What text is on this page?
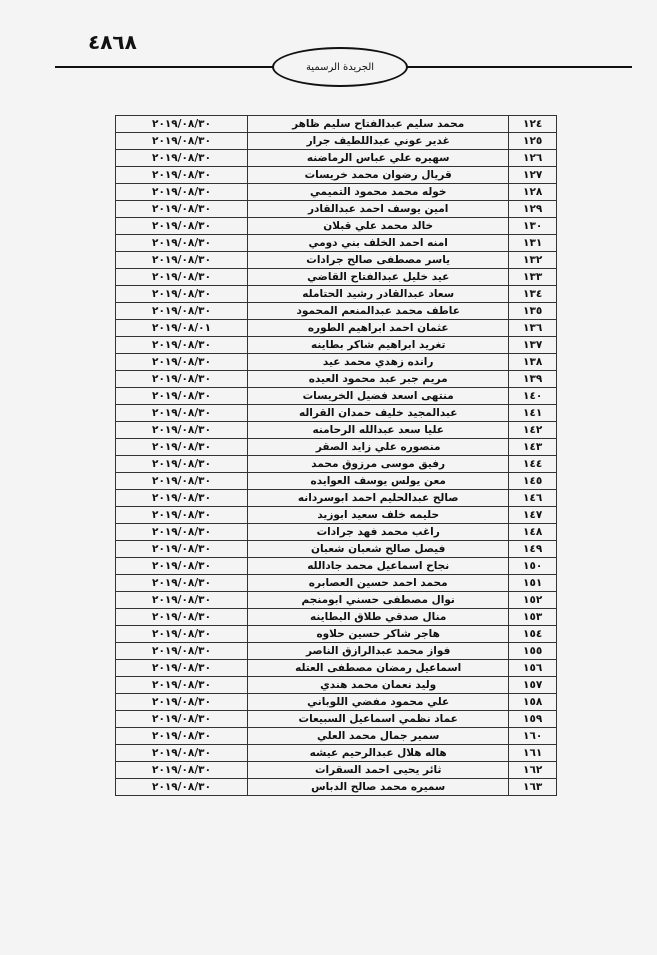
٤٨٦٨
الجريدة الرسمية
١٢٤	محمد سليم عبدالفتاح سليم ظاهر	٢٠١٩/٠٨/٣٠
١٢٥	غدير عوني عبداللطيف جرار	٢٠١٩/٠٨/٣٠
١٢٦	سهيره علي عباس الرماضنه	٢٠١٩/٠٨/٣٠
١٢٧	قريال رضوان محمد خريسات	٢٠١٩/٠٨/٣٠
١٢٨	خوله محمد محمود التميمي	٢٠١٩/٠٨/٣٠
١٢٩	امين يوسف احمد عبدالقادر	٢٠١٩/٠٨/٣٠
١٣٠	خالد محمد علي قبلان	٢٠١٩/٠٨/٣٠
١٣١	امنه احمد الخلف بني دومي	٢٠١٩/٠٨/٣٠
١٣٢	ياسر مصطفى صالح جرادات	٢٠١٩/٠٨/٣٠
١٣٣	عيد خليل عبدالفتاح القاضي	٢٠١٩/٠٨/٣٠
١٣٤	سعاد عبدالقادر رشيد الحتامله	٢٠١٩/٠٨/٣٠
١٣٥	عاطف محمد عبدالمنعم المحمود	٢٠١٩/٠٨/٣٠
١٣٦	عثمان احمد ابراهيم الطوره	٢٠١٩/٠٨/٠١
١٣٧	تغريد ابراهيم شاكر بطاينه	٢٠١٩/٠٨/٣٠
١٣٨	رانده زهدي محمد عيد	٢٠١٩/٠٨/٣٠
١٣٩	مريم جبر عبد محمود العيده	٢٠١٩/٠٨/٣٠
١٤٠	منتهى اسعد فضيل الخريسات	٢٠١٩/٠٨/٣٠
١٤١	عبدالمجيد خليف حمدان القراله	٢٠١٩/٠٨/٣٠
١٤٢	عليا سعد عبدالله الرحامنه	٢٠١٩/٠٨/٣٠
١٤٣	منصوره علي زايد الصقر	٢٠١٩/٠٨/٣٠
١٤٤	رفيق موسى مرزوق محمد	٢٠١٩/٠٨/٣٠
١٤٥	معن يولس يوسف العوايده	٢٠١٩/٠٨/٣٠
١٤٦	صالح عبدالحليم احمد ابوسردانه	٢٠١٩/٠٨/٣٠
١٤٧	حليمه خلف سعيد ابوزيد	٢٠١٩/٠٨/٣٠
١٤٨	راغب محمد فهد جرادات	٢٠١٩/٠٨/٣٠
١٤٩	فيصل صالح شعبان شعبان	٢٠١٩/٠٨/٣٠
١٥٠	نجاح اسماعيل محمد جادالله	٢٠١٩/٠٨/٣٠
١٥١	محمد احمد حسين العصابره	٢٠١٩/٠٨/٣٠
١٥٢	نوال مصطفى حسني ابومنجم	٢٠١٩/٠٨/٣٠
١٥٣	منال صدقي طلاق البطاينه	٢٠١٩/٠٨/٣٠
١٥٤	هاجر شاكر حسين حلاوه	٢٠١٩/٠٨/٣٠
١٥٥	فواز محمد عبدالرازق الناصر	٢٠١٩/٠٨/٣٠
١٥٦	اسماعيل رمضان مصطفى العتله	٢٠١٩/٠٨/٣٠
١٥٧	وليد نعمان محمد هندي	٢٠١٩/٠٨/٣٠
١٥٨	علي محمود مفضي اللوباني	٢٠١٩/٠٨/٣٠
١٥٩	عماد نظمي اسماعيل السبيعات	٢٠١٩/٠٨/٣٠
١٦٠	سمير جمال محمد العلي	٢٠١٩/٠٨/٣٠
١٦١	هاله هلال عبدالرحيم عيشه	٢٠١٩/٠٨/٣٠
١٦٢	ثائر يحيى احمد السقرات	٢٠١٩/٠٨/٣٠
١٦٣	سميره محمد صالح الدباس	٢٠١٩/٠٨/٣٠
